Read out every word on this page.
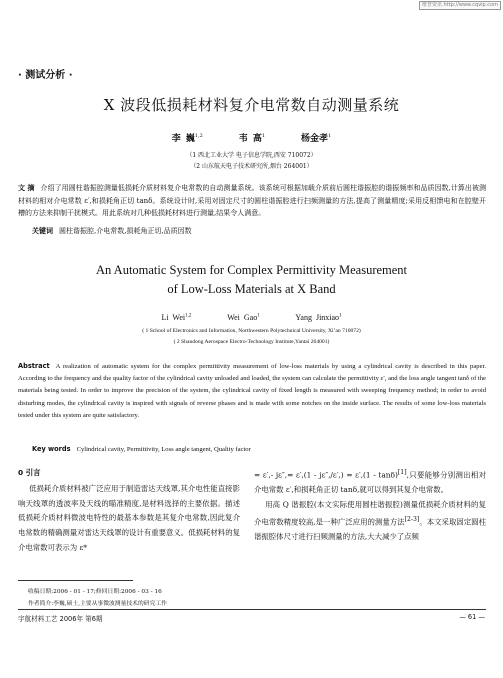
维普资讯 http://www.cqvip.com
· 测试分析 ·
X 波段低损耗材料复介电常数自动测量系统
李 巍$^{1,2}$	韦 高$^1$	杨金孝$^1$
（1 西北工业大学 电子信息学院,西安 710072）
（2 山东航天电子技术研究所,烟台 264001）
文 摘 介绍了用圆柱谐振腔测量低损耗介质材料复介电常数的自动测量系统。该系统可根据加载介质前后圆柱谐振腔的谐振频率和品质因数,计算出被测材料的相对介电常数 ε′,和损耗角正切 tanδ。系统设计时,采用对固定尺寸的圆柱谐振腔进行扫频测量的方法,提高了测量精度;采用反相馈电和在腔壁开槽的方法来抑制干扰模式。用此系统对几种低损耗材料进行测量,结果令人满意。
关键词 圆柱谐振腔,介电常数,损耗角正切,品质因数
An Automatic System for Complex Permittivity Measurement
of Low-Loss Materials at X Band
Li Wei$^{1,2}$	Wei Gao$^1$	Yang Jinxiao$^1$
( 1 School of Electronics and Information, Northwestern Polytechnical University, Xi’an 710072)
( 2 Shandong Aerospace Electro-Technology Institute,Yantai 264001)
Abstract A realization of automatic system for the complex permittivity measurement of low-loss materials by using a cylindrical cavity is described in this paper. According to the frequency and the quality factor of the cylindrical cavity unloaded and loaded, the system can calculate the permittivity ε′, and the loss angle tangent tanδ of the materials being tested. In order to improve the precision of the system, the cylindrical cavity of fixed length is measured with sweeping frequency method; in order to avoid disturbing modes, the cylindrical cavity is inspired with signals of reverse phases and is made with some notches on the inside surface. The results of some low-loss materials tested under this system are quite satisfactory.
Key words Cylindrical cavity, Permittivity, Loss angle tangent, Quality factor
0 引言
低损耗介质材料被广泛应用于制造雷达天线罩,其介电性能直接影响天线罩的透波率及天线的瞄准精度,是材料选择的主要依据。描述低损耗介质材料微波电特性的最基本参数是其复介电常数,因此复介电常数的精确测量对雷达天线罩的设计有重要意义。低损耗材料的复介电常数可表示为 ε*
= ε′,- jε″,= ε′,(1 - jε″,/ε′,) = ε′,(1 - tanδ)[1],只要能够分别测出相对介电常数 ε′,和损耗角正切 tanδ,就可以得到其复介电常数。
用高 Q 谐振腔(本文实际使用圆柱谐振腔)测量低损耗介质材料的复介电常数精度较高,是一种广泛应用的测量方法[2-3]。本文采取固定圆柱谐振腔体尺寸进行扫频测量的方法,大大减少了点频
收稿日期:2006 - 01 - 17;修回日期:2006 - 03 - 16
作者简介:李巍,硕士,主要从事微波测量技术的研究工作
宇航材料工艺 2006年 第6期	— 61 —
